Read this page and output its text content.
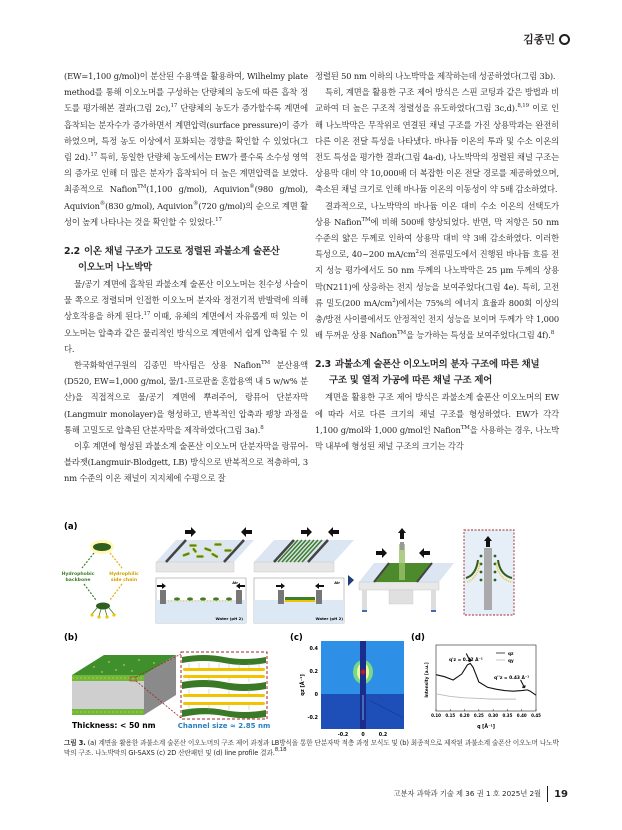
김종민

(EW=1,100 g/mol)이 분산된 수용액을 활용하여, Wilhelmy plate method를 통해 이오노머를 구성하는 단량체의 농도에 따른 흡착 정도를 평가해본 결과(그림 2c),$^{17}$ 단량체의 농도가 증가할수록 계면에 흡착되는 분자수가 증가하면서 계면압력(surface pressure)이 증가하였으며, 특정 농도 이상에서 포화되는 경향을 확인할 수 있었다(그림 2d).$^{17}$ 특히, 동일한 단량체 농도에서는 EW가 클수록 소수성 영역의 증가로 인해 더 많은 분자가 흡착되어 더 높은 계면압력을 보였다. 최종적으로 Nafion™(1,100 g/mol), Aquivion®(980 g/mol), Aquivion®(830 g/mol), Aquivion®(720 g/mol)의 순으로 계면 활성이 높게 나타나는 것을 확인할 수 있었다.$^{17}$

2.2 이온 채널 구조가 고도로 정렬된 과불소계 술폰산
이오노머 나노박막

물/공기 계면에 흡착된 과불소계 술폰산 이오노머는 친수성 사슬이 물 쪽으로 정렬되며 인접한 이오노머 분자와 정전기적 반발력에 의해 상호작용을 하게 된다.$^{17}$ 이때, 유체의 계면에서 자유롭게 떠 있는 이오노머는 압축과 같은 물리적인 방식으로 계면에서 쉽게 압축될 수 있다.

한국화학연구원의 김종민 박사팀은 상용 Nafion™ 분산용액(D520, EW=1,000 g/mol, 물/1-프로판올 혼합용액 내 5 w/w% 분산)을 직접적으로 물/공기 계면에 뿌려주어, 랑뮤어 단분자막(Langmuir monolayer)을 형성하고, 반복적인 압축과 팽창 과정을 통해 고밀도로 압축된 단분자막을 제작하였다(그림 3a).$^8$

이후 계면에 형성된 과불소계 술폰산 이오노머 단분자막을 랑뮤어-블라젯(Langmuir-Blodgett, LB) 방식으로 반복적으로 적층하여, 3 nm 수준의 이온 채널이 지지체에 수평으로 잘

정렬된 50 nm 이하의 나노박막을 제작하는데 성공하였다(그림 3b).

특히, 계면을 활용한 구조 제어 방식은 스핀 코팅과 같은 방법과 비교하여 더 높은 구조적 정렬성을 유도하였다(그림 3c,d).$^{8,19}$ 이로 인해 나노박막은 무작위로 연결된 채널 구조를 가진 상용막과는 완전히 다른 이온 전달 특성을 나타냈다. 바나듐 이온의 투과 및 수소 이온의 전도 특성을 평가한 결과(그림 4a-d), 나노박막의 정렬된 채널 구조는 상용막 대비 약 10,000배 더 복잡한 이온 전달 경로를 제공하였으며, 축소된 채널 크기로 인해 바나듐 이온의 이동성이 약 5배 감소하였다.

결과적으로, 나노박막의 바나듐 이온 대비 수소 이온의 선택도가 상용 Nafion™에 비해 500배 향상되었다. 반면, 막 저항은 50 nm 수준의 얇은 두께로 인하여 상용막 대비 약 3배 감소하였다. 이러한 특성으로, 40~200 $mA/cm^2$의 전류밀도에서 진행된 바나듐 흐름 전지 성능 평가에서도 50 nm 두께의 나노박막은 25 μm 두께의 상용막(N211)에 상응하는 전지 성능을 보여주었다(그림 4e). 특히, 고전류 밀도(200 $mA/cm^2$)에서는 75%의 에너지 효율과 800회 이상의 충/방전 사이클에서도 안정적인 전지 성능을 보이며 두께가 약 1,000배 두꺼운 상용 Nafion™을 능가하는 특성을 보여주었다(그림 4f).$^8$

2.3 과불소계 술폰산 이오노머의 분자 구조에 따른 채널
구조 및 열적 가공에 따른 채널 구조 제어

계면을 활용한 구조 제어 방식은 과불소계 술폰산 이오노머의 EW에 따라 서로 다른 크기의 채널 구조를 형성하였다. EW가 각각 1,100 g/mol와 1,000 g/mol인 Nafion™을 사용하는 경우, 나노박막 내부에 형성된 채널 구조의 크기는 각각

(a)
Hydrophobic
backbone
Hydrophilic
side chain	Air
Water (pH 2)
Air
Water (pH 2)
(b)
Thickness: < 50 nm	Channel size ≈ 2.85 nm
(c)
0.4
0.2
0
-0.2
-0.2	0	0.2
qz [Å⁻¹]
(d)
qz
qy
q'z = 0.22 Å⁻¹
q''z = 0.43 Å⁻¹
Intensity [a.u.]
q [Å⁻¹]
0.10 0.15 0.20 0.25 0.30 0.35 0.40 0.45
그림 3. (a) 계면을 활용한 과불소계 술폰산 이오노머의 구조 제어 과정과 LB방식을 통한 단분자막 적층 과정 모식도 및 (b) 최종적으로 제작된 과불소계 술폰산 이오노머 나노박막의 구조. 나노박막의 GI-SAXS (c) 2D 산란패턴 및 (d) line profile 결과.$^{8,18}$
고분자 과학과 기술 제 36 권 1 호 2025년 2월 19
